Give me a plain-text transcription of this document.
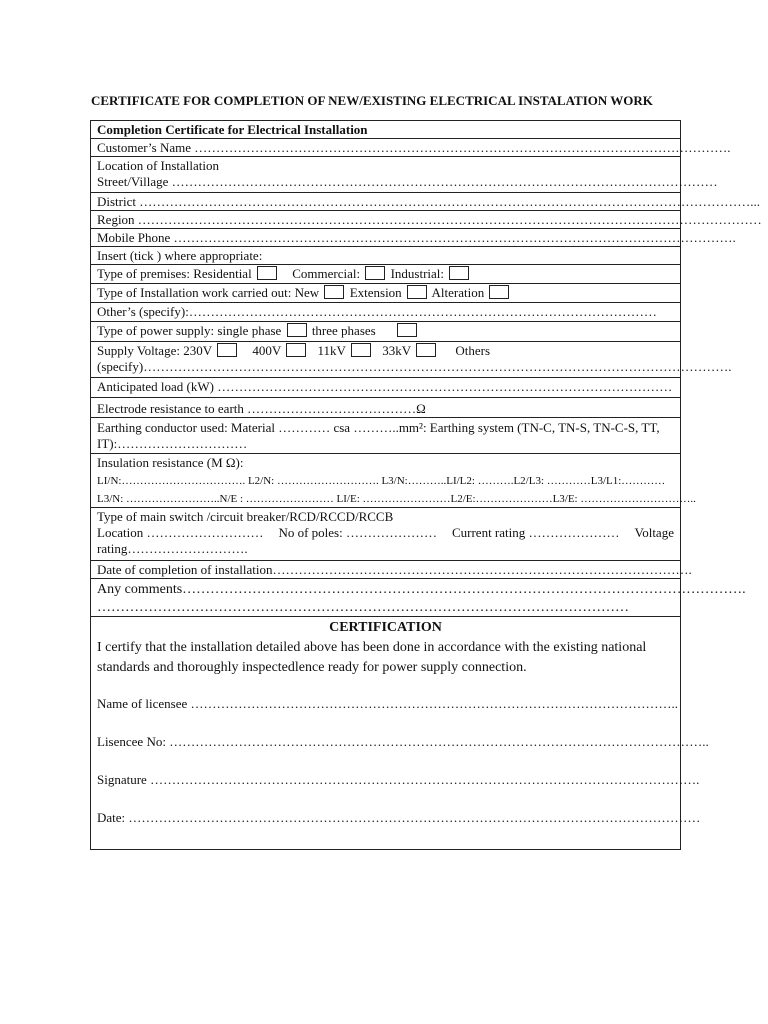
CERTIFICATE FOR COMPLETION OF NEW/EXISTING ELECTRICAL INSTALATION WORK
Completion Certificate for Electrical Installation
Customer’s Name …………………………………………………………………………………………………………….
Location of Installation
Street/Village ………………………………………………………………………………………………………………
District ……………………………………………………………………………………………………………………………...
Region ………………………………………………………………………………………………………………………………
Mobile Phone ………………………………………………………………………………………………………………….
Insert (tick ) where appropriate:
Type of premises: Residential	Commercial: Industrial:
Type of Installation work carried out: New Extension Alteration
Other’s (specify):………………………………………………………………………………………………
Type of power supply: single phase three phases
Supply Voltage: 230V	400V	11kV	33kV	Others
(specify)……………………………………………………………………………………………………………………….
Anticipated load (kW) ……………………………………………………………………………………………
Electrode resistance to earth …………………………………Ω
Earthing conductor used: Material ………… csa ………..mm²: Earthing system (TN-C, TN-S, TN-C-S, TT, IT):…………………………
Insulation resistance (M Ω):
LI/N:……………………………. L2/N: ………………………. L3/N:………..LI/L2: ……….L2/L3: …………L3/L1:…………
L3/N: ……………………..N/E : …………………… LI/E: ……………………L2/E:…………………L3/E: …………………………..
Type of main switch /circuit breaker/RCD/RCCD/RCCB
Location ……………………… No of poles: ………………… Current rating ………………… Voltage
rating……………………….
Date of completion of installation…………………………………………………………………………………….
Any comments………………………………………………………………………………………………………….
……………………………………………………………………………………………………
CERTIFICATION
I certify that the installation detailed above has been done in accordance with the existing national standards and thoroughly inspectedlence ready for power supply connection.
Name of licensee …………………………………………………………………………………………………..
Lisencee No: ……………………………………………………………………………………………………………..
Signature ……………………………………………………………………………………………………………….
Date: ……………………………………………………………………………………………………………………
